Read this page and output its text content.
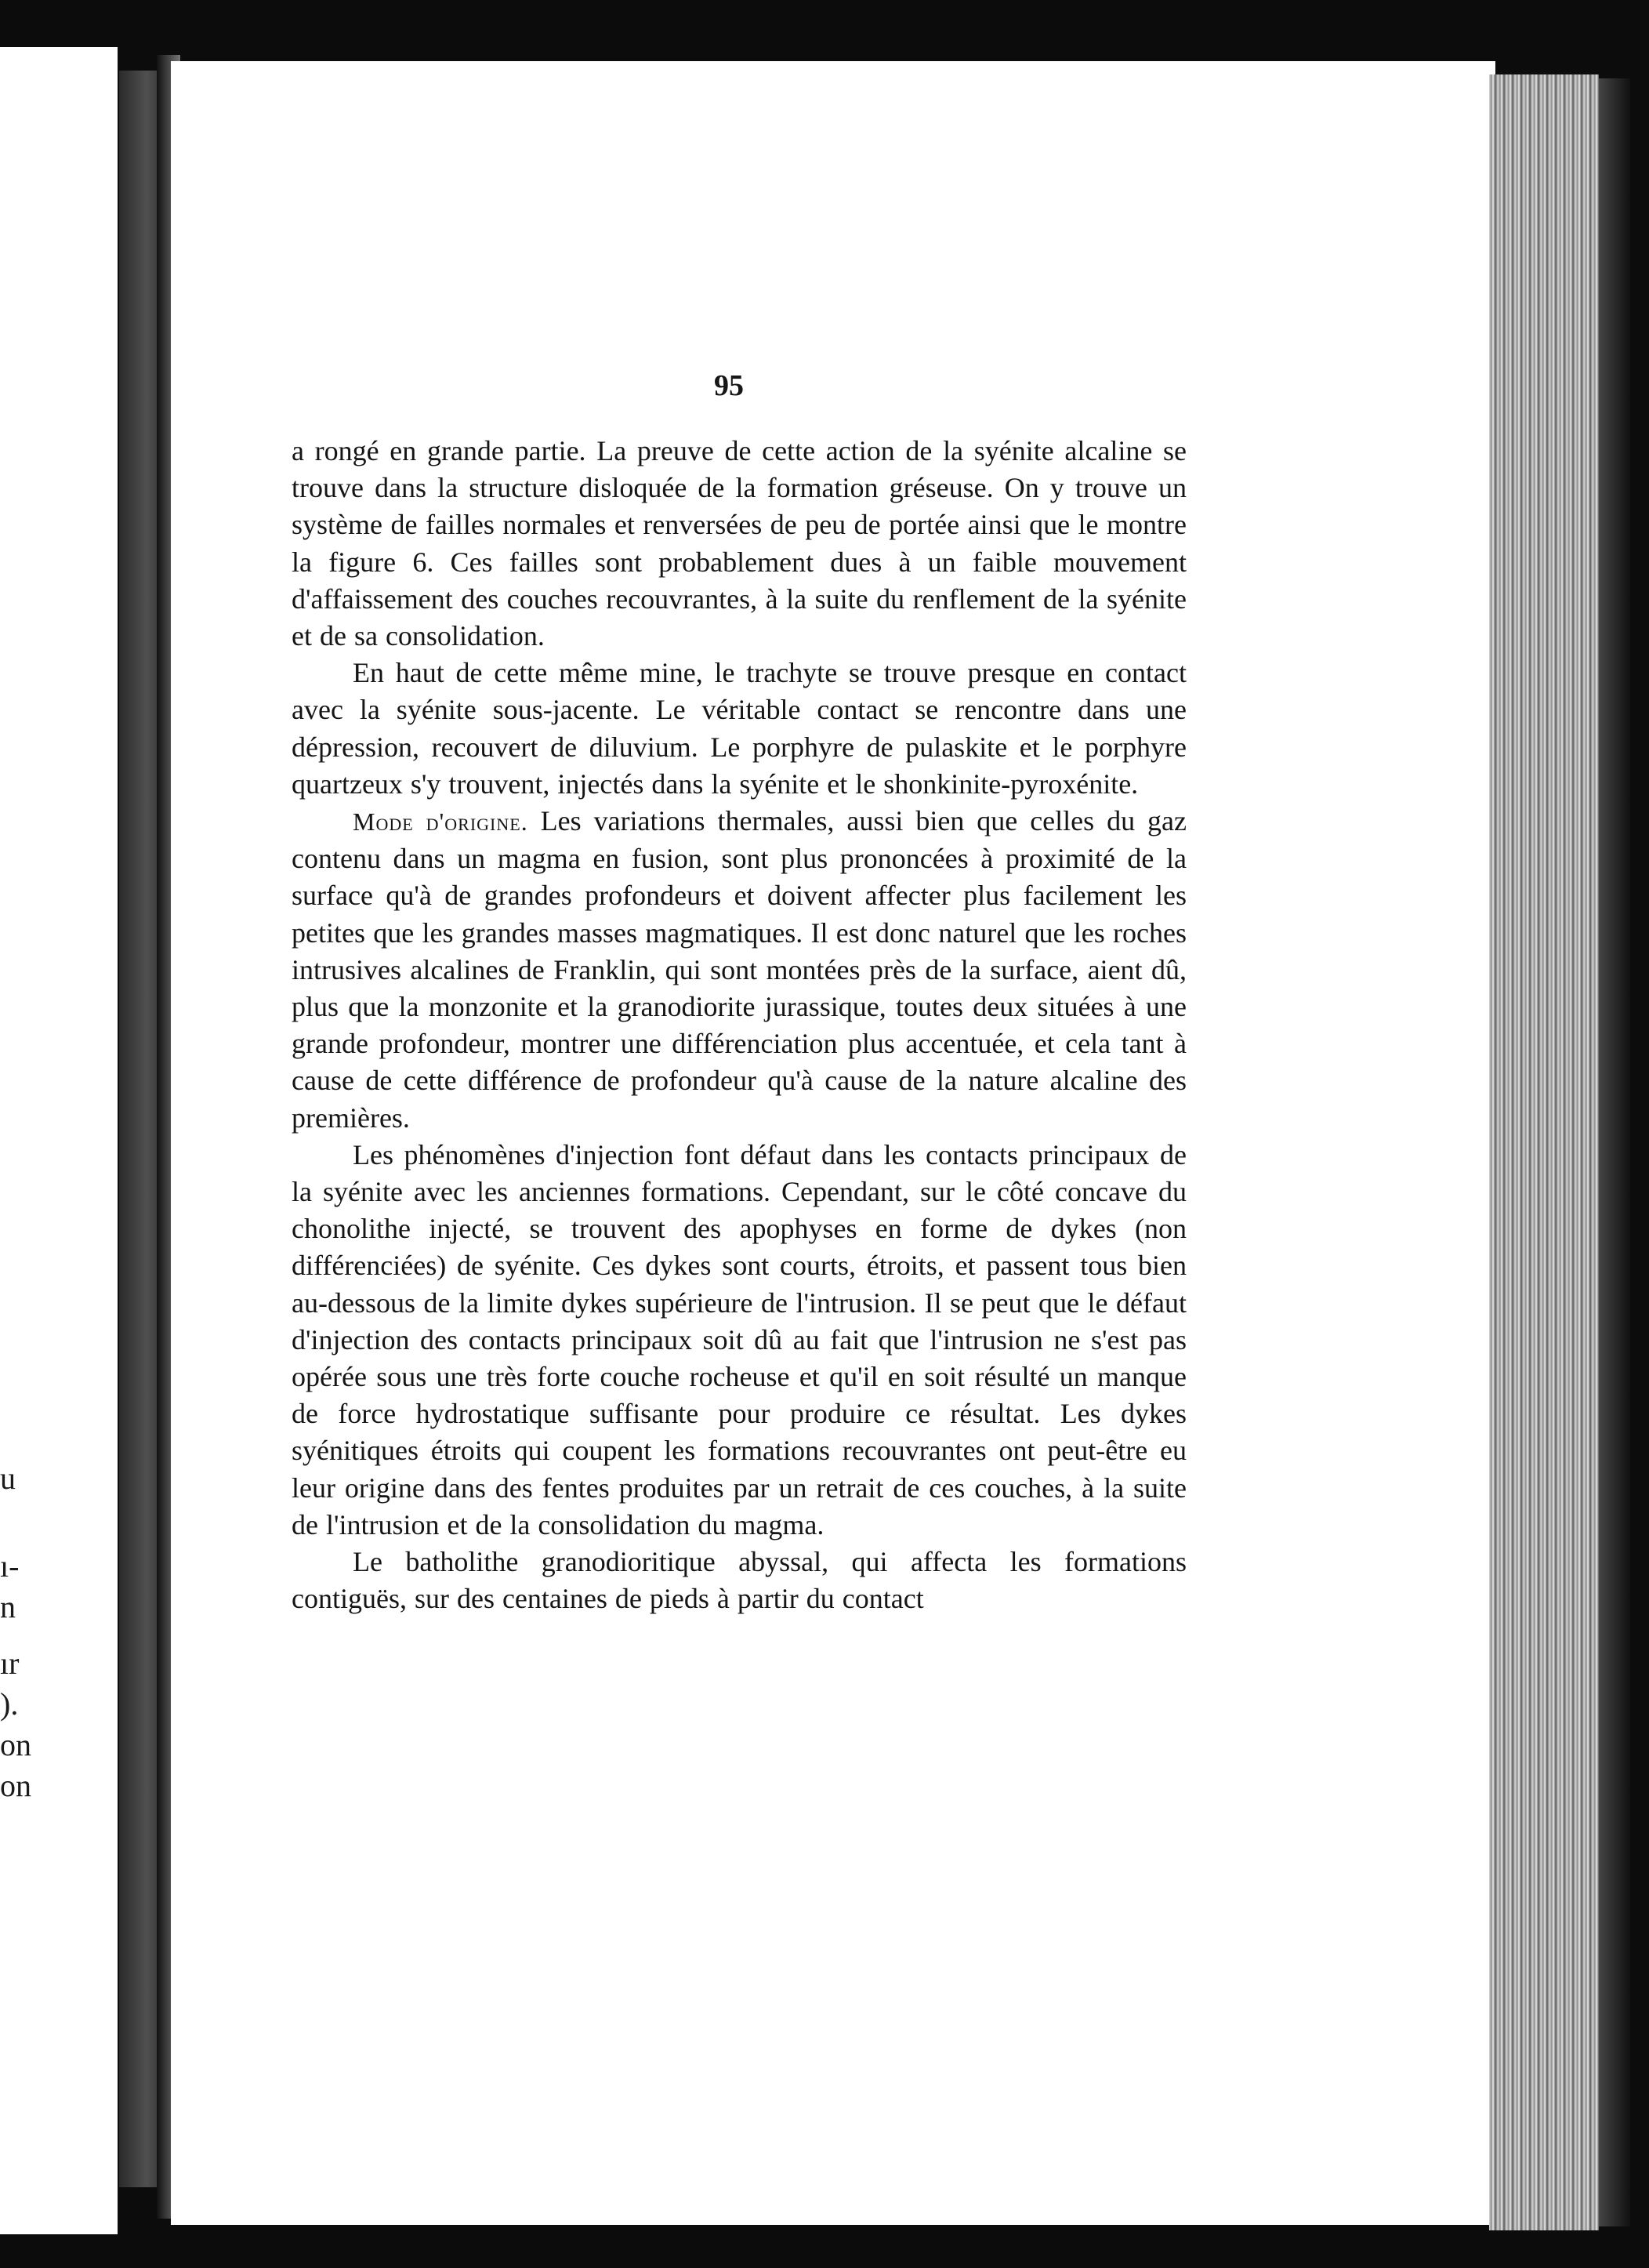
u
ı-
n
ır
).
on
on
95

a rongé en grande partie. La preuve de cette action de la syénite alcaline se trouve dans la structure disloquée de la formation gréseuse. On y trouve un système de failles normales et renversées de peu de portée ainsi que le montre la figure 6. Ces failles sont probablement dues à un faible mouvement d'affaissement des couches recouvrantes, à la suite du renflement de la syénite et de sa consolidation.

En haut de cette même mine, le trachyte se trouve presque en contact avec la syénite sous-jacente. Le véritable contact se rencontre dans une dépression, recouvert de diluvium. Le porphyre de pulaskite et le porphyre quartzeux s'y trouvent, injectés dans la syénite et le shonkinite-pyroxénite.

Mode d'origine. Les variations thermales, aussi bien que celles du gaz contenu dans un magma en fusion, sont plus prononcées à proximité de la surface qu'à de grandes profondeurs et doivent affecter plus facilement les petites que les grandes masses magmatiques. Il est donc naturel que les roches intrusives alcalines de Franklin, qui sont montées près de la surface, aient dû, plus que la monzonite et la granodiorite jurassique, toutes deux situées à une grande profondeur, montrer une différenciation plus accentuée, et cela tant à cause de cette différence de profondeur qu'à cause de la nature alcaline des premières.

Les phénomènes d'injection font défaut dans les contacts principaux de la syénite avec les anciennes formations. Cependant, sur le côté concave du chonolithe injecté, se trouvent des apophyses en forme de dykes (non différenciées) de syénite. Ces dykes sont courts, étroits, et passent tous bien au-dessous de la limite dykes supérieure de l'intrusion. Il se peut que le défaut d'injection des contacts principaux soit dû au fait que l'intrusion ne s'est pas opérée sous une très forte couche rocheuse et qu'il en soit résulté un manque de force hydrostatique suffisante pour produire ce résultat. Les dykes syénitiques étroits qui coupent les formations recouvrantes ont peut-être eu leur origine dans des fentes produites par un retrait de ces couches, à la suite de l'intrusion et de la consolidation du magma.

Le batholithe granodioritique abyssal, qui affecta les formations contiguës, sur des centaines de pieds à partir du contact
